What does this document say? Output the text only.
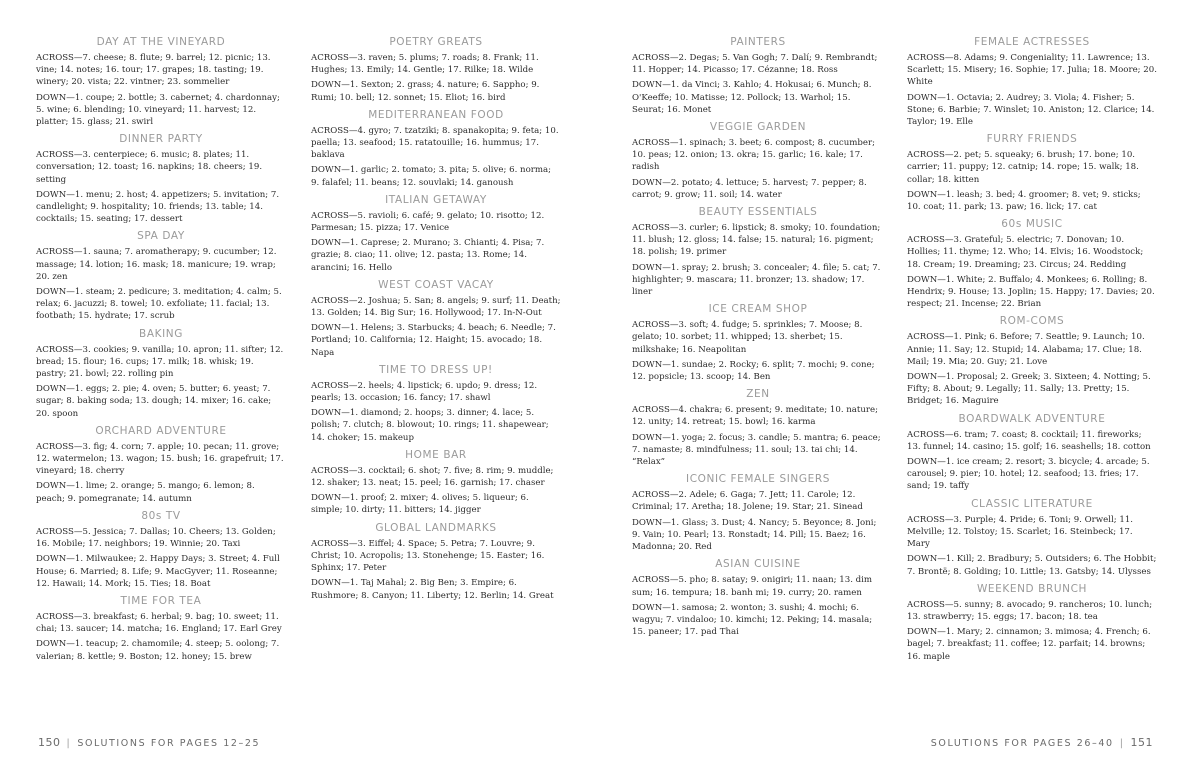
DAY AT THE VINEYARD

ACROSS—7. cheese; 8. flute; 9. barrel; 12. picnic; 13. vine; 14. notes; 16. tour; 17. grapes; 18. tasting; 19. winery; 20. vista; 22. vintner; 23. sommelier

DOWN—1. coupe; 2. bottle; 3. cabernet; 4. chardonnay; 5. wine; 6. blending; 10. vineyard; 11. harvest; 12. platter; 15. glass; 21. swirl

DINNER PARTY

ACROSS—3. centerpiece; 6. music; 8. plates; 11. conversation; 12. toast; 16. napkins; 18. cheers; 19. setting

DOWN—1. menu; 2. host; 4. appetizers; 5. invitation; 7. candlelight; 9. hospitality; 10. friends; 13. table; 14. cocktails; 15. seating; 17. dessert

SPA DAY

ACROSS—1. sauna; 7. aromatherapy; 9. cucumber; 12. massage; 14. lotion; 16. mask; 18. manicure; 19. wrap; 20. zen

DOWN—1. steam; 2. pedicure; 3. meditation; 4. calm; 5. relax; 6. jacuzzi; 8. towel; 10. exfoliate; 11. facial; 13. footbath; 15. hydrate; 17. scrub

BAKING

ACROSS—3. cookies; 9. vanilla; 10. apron; 11. sifter; 12. bread; 15. flour; 16. cups; 17. milk; 18. whisk; 19. pastry; 21. bowl; 22. rolling pin

DOWN—1. eggs; 2. pie; 4. oven; 5. butter; 6. yeast; 7. sugar; 8. baking soda; 13. dough; 14. mixer; 16. cake; 20. spoon

ORCHARD ADVENTURE

ACROSS—3. fig; 4. corn; 7. apple; 10. pecan; 11. grove; 12. watermelon; 13. wagon; 15. bush; 16. grapefruit; 17. vineyard; 18. cherry

DOWN—1. lime; 2. orange; 5. mango; 6. lemon; 8. peach; 9. pomegranate; 14. autumn

80s TV

ACROSS—5. Jessica; 7. Dallas; 10. Cheers; 13. Golden; 16. Mobile; 17. neighbors; 19. Winnie; 20. Taxi

DOWN—1. Milwaukee; 2. Happy Days; 3. Street; 4. Full House; 6. Married; 8. Life; 9. MacGyver; 11. Roseanne; 12. Hawaii; 14. Mork; 15. Ties; 18. Boat

TIME FOR TEA

ACROSS—3. breakfast; 6. herbal; 9. bag; 10. sweet; 11. chai; 13. saucer; 14. matcha; 16. England; 17. Earl Grey

DOWN—1. teacup; 2. chamomile; 4. steep; 5. oolong; 7. valerian; 8. kettle; 9. Boston; 12. honey; 15. brew

POETRY GREATS

ACROSS—3. raven; 5. plums; 7. roads; 8. Frank; 11. Hughes; 13. Emily; 14. Gentle; 17. Rilke; 18. Wilde

DOWN—1. Sexton; 2. grass; 4. nature; 6. Sappho; 9. Rumi; 10. bell; 12. sonnet; 15. Eliot; 16. bird

MEDITERRANEAN FOOD

ACROSS—4. gyro; 7. tzatziki; 8. spanakopita; 9. feta; 10. paella; 13. seafood; 15. ratatouille; 16. hummus; 17. baklava

DOWN—1. garlic; 2. tomato; 3. pita; 5. olive; 6. norma; 9. falafel; 11. beans; 12. souvlaki; 14. ganoush

ITALIAN GETAWAY

ACROSS—5. ravioli; 6. café; 9. gelato; 10. risotto; 12. Parmesan; 15. pizza; 17. Venice

DOWN—1. Caprese; 2. Murano; 3. Chianti; 4. Pisa; 7. grazie; 8. ciao; 11. olive; 12. pasta; 13. Rome; 14. arancini; 16. Hello

WEST COAST VACAY

ACROSS—2. Joshua; 5. San; 8. angels; 9. surf; 11. Death; 13. Golden; 14. Big Sur; 16. Hollywood; 17. In-N-Out

DOWN—1. Helens; 3. Starbucks; 4. beach; 6. Needle; 7. Portland; 10. California; 12. Haight; 15. avocado; 18. Napa

TIME TO DRESS UP!

ACROSS—2. heels; 4. lipstick; 6. updo; 9. dress; 12. pearls; 13. occasion; 16. fancy; 17. shawl

DOWN—1. diamond; 2. hoops; 3. dinner; 4. lace; 5. polish; 7. clutch; 8. blowout; 10. rings; 11. shapewear; 14. choker; 15. makeup

HOME BAR

ACROSS—3. cocktail; 6. shot; 7. five; 8. rim; 9. muddle; 12. shaker; 13. neat; 15. peel; 16. garnish; 17. chaser

DOWN—1. proof; 2. mixer; 4. olives; 5. liqueur; 6. simple; 10. dirty; 11. bitters; 14. jigger

GLOBAL LANDMARKS

ACROSS—3. Eiffel; 4. Space; 5. Petra; 7. Louvre; 9. Christ; 10. Acropolis; 13. Stonehenge; 15. Easter; 16. Sphinx; 17. Peter

DOWN—1. Taj Mahal; 2. Big Ben; 3. Empire; 6. Rushmore; 8. Canyon; 11. Liberty; 12. Berlin; 14. Great

150 | SOLUTIONS FOR PAGES 12–25
PAINTERS

ACROSS—2. Degas; 5. Van Gogh; 7. Dalí; 9. Rembrandt; 11. Hopper; 14. Picasso; 17. Cézanne; 18. Ross

DOWN—1. da Vinci; 3. Kahlo; 4. Hokusai; 6. Munch; 8. O'Keeffe; 10. Matisse; 12. Pollock; 13. Warhol; 15. Seurat; 16. Monet

VEGGIE GARDEN

ACROSS—1. spinach; 3. beet; 6. compost; 8. cucumber; 10. peas; 12. onion; 13. okra; 15. garlic; 16. kale; 17. radish

DOWN—2. potato; 4. lettuce; 5. harvest; 7. pepper; 8. carrot; 9. grow; 11. soil; 14. water

BEAUTY ESSENTIALS

ACROSS—3. curler; 6. lipstick; 8. smoky; 10. foundation; 11. blush; 12. gloss; 14. false; 15. natural; 16. pigment; 18. polish; 19. primer

DOWN—1. spray; 2. brush; 3. concealer; 4. file; 5. cat; 7. highlighter; 9. mascara; 11. bronzer; 13. shadow; 17. liner

ICE CREAM SHOP

ACROSS—3. soft; 4. fudge; 5. sprinkles; 7. Moose; 8. gelato; 10. sorbet; 11. whipped; 13. sherbet; 15. milkshake; 16. Neapolitan

DOWN—1. sundae; 2. Rocky; 6. split; 7. mochi; 9. cone; 12. popsicle; 13. scoop; 14. Ben

ZEN

ACROSS—4. chakra; 6. present; 9. meditate; 10. nature; 12. unity; 14. retreat; 15. bowl; 16. karma

DOWN—1. yoga; 2. focus; 3. candle; 5. mantra; 6. peace; 7. namaste; 8. mindfulness; 11. soul; 13. tai chi; 14. “Relax”

ICONIC FEMALE SINGERS

ACROSS—2. Adele; 6. Gaga; 7. Jett; 11. Carole; 12. Criminal; 17. Aretha; 18. Jolene; 19. Star; 21. Sinead

DOWN—1. Glass; 3. Dust; 4. Nancy; 5. Beyonce; 8. Joni; 9. Vain; 10. Pearl; 13. Ronstadt; 14. Pill; 15. Baez; 16. Madonna; 20. Red

ASIAN CUISINE

ACROSS—5. pho; 8. satay; 9. onigiri; 11. naan; 13. dim sum; 16. tempura; 18. banh mi; 19. curry; 20. ramen

DOWN—1. samosa; 2. wonton; 3. sushi; 4. mochi; 6. wagyu; 7. vindaloo; 10. kimchi; 12. Peking; 14. masala; 15. paneer; 17. pad Thai

FEMALE ACTRESSES

ACROSS—8. Adams; 9. Congeniality; 11. Lawrence; 13. Scarlett; 15. Misery; 16. Sophie; 17. Julia; 18. Moore; 20. White

DOWN—1. Octavia; 2. Audrey; 3. Viola; 4. Fisher; 5. Stone; 6. Barbie; 7. Winslet; 10. Aniston; 12. Clarice; 14. Taylor; 19. Elle

FURRY FRIENDS

ACROSS—2. pet; 5. squeaky; 6. brush; 17. bone; 10. carrier; 11. puppy; 12. catnip; 14. rope; 15. walk; 18. collar; 18. kitten

DOWN—1. leash; 3. bed; 4. groomer; 8. vet; 9. sticks; 10. coat; 11. park; 13. paw; 16. lick; 17. cat

60s MUSIC

ACROSS—3. Grateful; 5. electric; 7. Donovan; 10. Hollies; 11. thyme; 12. Who; 14. Elvis; 16. Woodstock; 18. Cream; 19. Dreaming; 23. Circus; 24. Redding

DOWN—1. White; 2. Buffalo; 4. Monkees; 6. Rolling; 8. Hendrix; 9. House; 13. Joplin; 15. Happy; 17. Davies; 20. respect; 21. Incense; 22. Brian

ROM-COMS

ACROSS—1. Pink; 6. Before; 7. Seattle; 9. Launch; 10. Annie; 11. Say; 12. Stupid; 14. Alabama; 17. Clue; 18. Mail; 19. Mia; 20. Guy; 21. Love

DOWN—1. Proposal; 2. Greek; 3. Sixteen; 4. Notting; 5. Fifty; 8. About; 9. Legally; 11. Sally; 13. Pretty; 15. Bridget; 16. Maguire

BOARDWALK ADVENTURE

ACROSS—6. tram; 7. coast; 8. cocktail; 11. fireworks; 13. funnel; 14. casino; 15. golf; 16. seashells; 18. cotton

DOWN—1. ice cream; 2. resort; 3. bicycle; 4. arcade; 5. carousel; 9. pier; 10. hotel; 12. seafood; 13. fries; 17. sand; 19. taffy

CLASSIC LITERATURE

ACROSS—3. Purple; 4. Pride; 6. Toni; 9. Orwell; 11. Melville; 12. Tolstoy; 15. Scarlet; 16. Steinbeck; 17. Mary

DOWN—1. Kill; 2. Bradbury; 5. Outsiders; 6. The Hobbit; 7. Brontë; 8. Golding; 10. Little; 13. Gatsby; 14. Ulysses

WEEKEND BRUNCH

ACROSS—5. sunny; 8. avocado; 9. rancheros; 10. lunch; 13. strawberry; 15. eggs; 17. bacon; 18. tea

DOWN—1. Mary; 2. cinnamon; 3. mimosa; 4. French; 6. bagel; 7. breakfast; 11. coffee; 12. parfait; 14. browns; 16. maple

SOLUTIONS FOR PAGES 26–40 | 151
